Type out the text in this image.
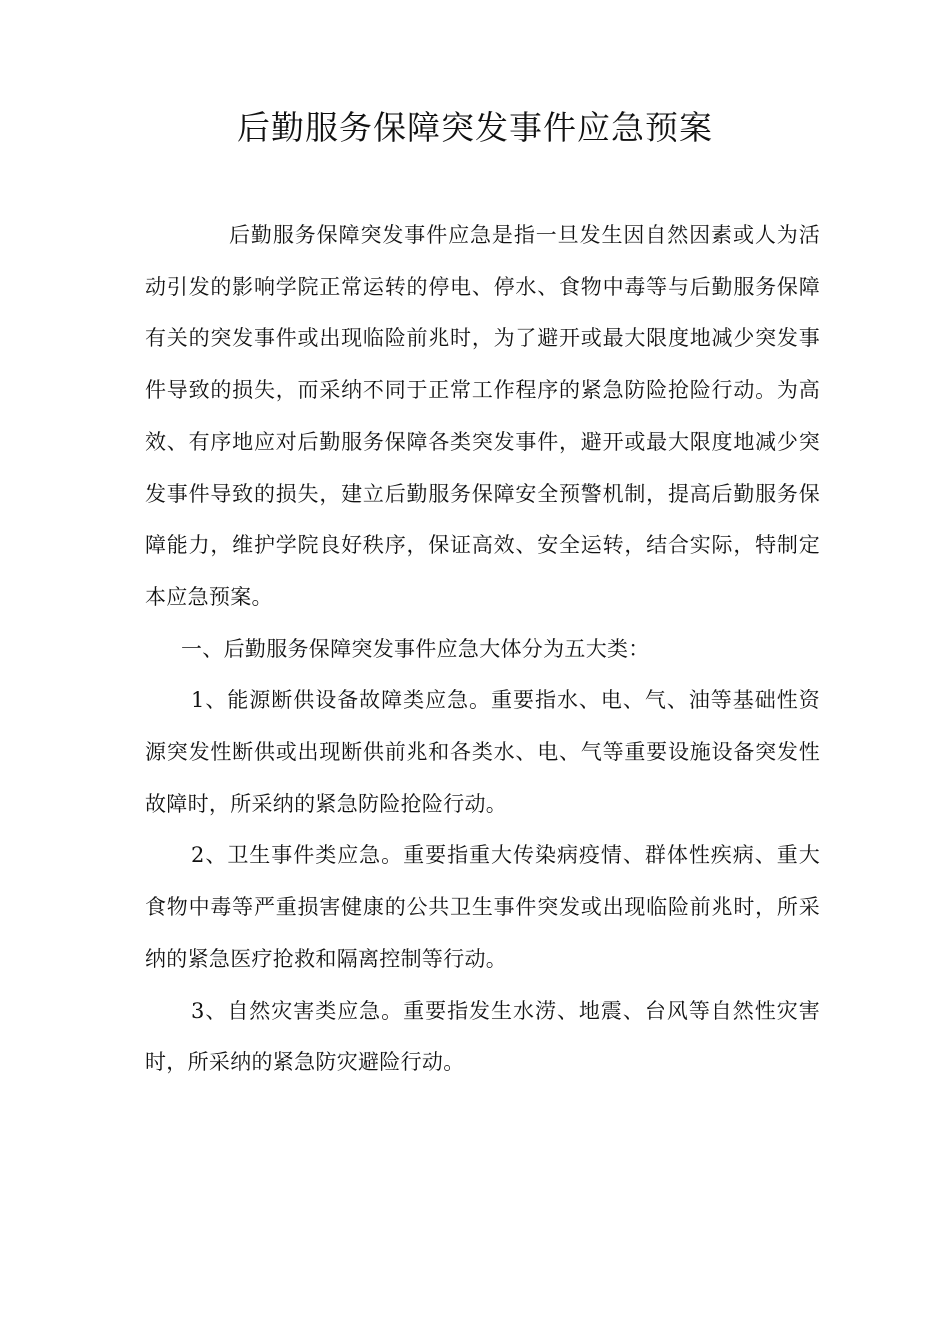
后勤服务保障突发事件应急预案

后勤服务保障突发事件应急是指一旦发生因自然因素或人为活动引发的影响学院正常运转的停电、停水、食物中毒等与后勤服务保障有关的突发事件或出现临险前兆时，为了避开或最大限度地减少突发事件导致的损失，而采纳不同于正常工作程序的紧急防险抢险行动。为高效、有序地应对后勤服务保障各类突发事件，避开或最大限度地减少突发事件导致的损失，建立后勤服务保障安全预警机制，提高后勤服务保障能力，维护学院良好秩序，保证高效、安全运转，结合实际，特制定本应急预案。

一、后勤服务保障突发事件应急大体分为五大类：

1、能源断供设备故障类应急。重要指水、电、气、油等基础性资源突发性断供或出现断供前兆和各类水、电、气等重要设施设备突发性故障时，所采纳的紧急防险抢险行动。

2、卫生事件类应急。重要指重大传染病疫情、群体性疾病、重大食物中毒等严重损害健康的公共卫生事件突发或出现临险前兆时，所采纳的紧急医疗抢救和隔离控制等行动。

3、自然灾害类应急。重要指发生水涝、地震、台风等自然性灾害时，所采纳的紧急防灾避险行动。
